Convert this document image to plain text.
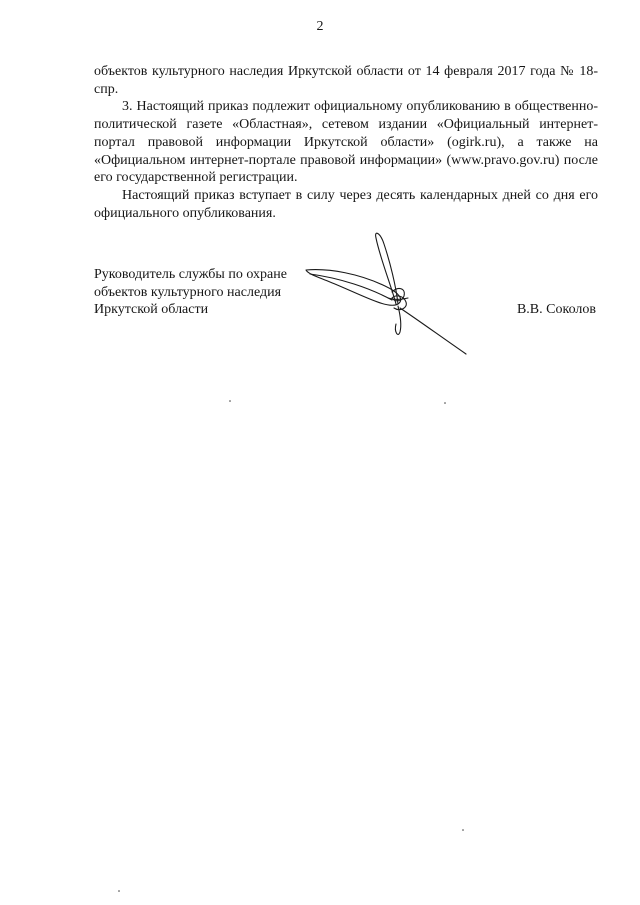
2

объектов культурного наследия Иркутской области от 14 февраля 2017 года № 18-спр.

3. Настоящий приказ подлежит официальному опубликованию в общественно-политической газете «Областная», сетевом издании «Официальный интернет-портал правовой информации Иркутской области» (ogirk.ru), а также на «Официальном интернет-портале правовой информации» (www.pravo.gov.ru) после его государственной регистрации.

Настоящий приказ вступает в силу через десять календарных дней со дня его официального опубликования.

Руководитель службы по охране
объектов культурного наследия
Иркутской области	В.В. Соколов
